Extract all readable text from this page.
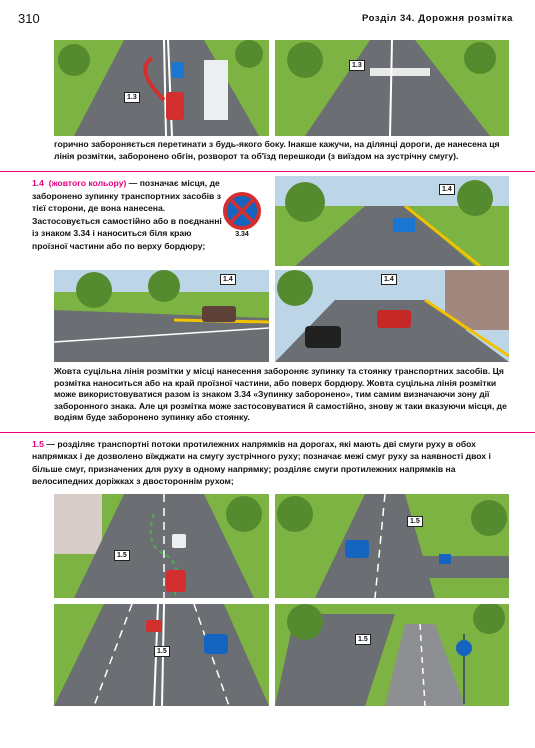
310	Розділ 34. Дорожня розмітка
1.3
1.3
горично забороняється перетинати з будь-якого боку. Інакше кажучи, на ділянці дороги, де нанесена ця лінія розмітки, заборонено обгін, розворот та об'їзд перешкоди (з виїздом на зустрічну смугу).
1.4 (жовтого кольору) — позначає місця, де заборонено зупинку транспортних засобів з тієї сторони, де вона нанесена. Застосовується самостійно або в поєднанні із знаком 3.34 і наноситься біля краю проїзної частини або по верху бордюру;
3.34
1.4
1.4	1.4
Жовта суцільна лінія розмітки у місці нанесення забороняє зупинку та стоянку транспортних засобів. Ця розмітка наноситься або на край проїзної частини, або поверх бордюру. Жовта суцільна лінія розмітки може використовуватися разом із знаком 3.34 «Зупинку заборонено», тим самим визначаючи зону дії заборонного знака. Але ця розмітка може застосовуватися й самостійно, знову ж таки вказуючи місця, де водіям буде заборонено зупинку або стоянку.
1.5 — розділяє транспортні потоки протилежних напрямків на дорогах, які мають дві смуги руху в обох напрямках і де дозволено вїжджати на смугу зустрічного руху; позначає межі смуг руху за наявності двох і більше смуг, призначених для руху в одному напрямку; розділяє смуги протилежних напрямків на велосипедних доріжках з двостороннім рухом;
1.5
1.5
1.5
1.5
